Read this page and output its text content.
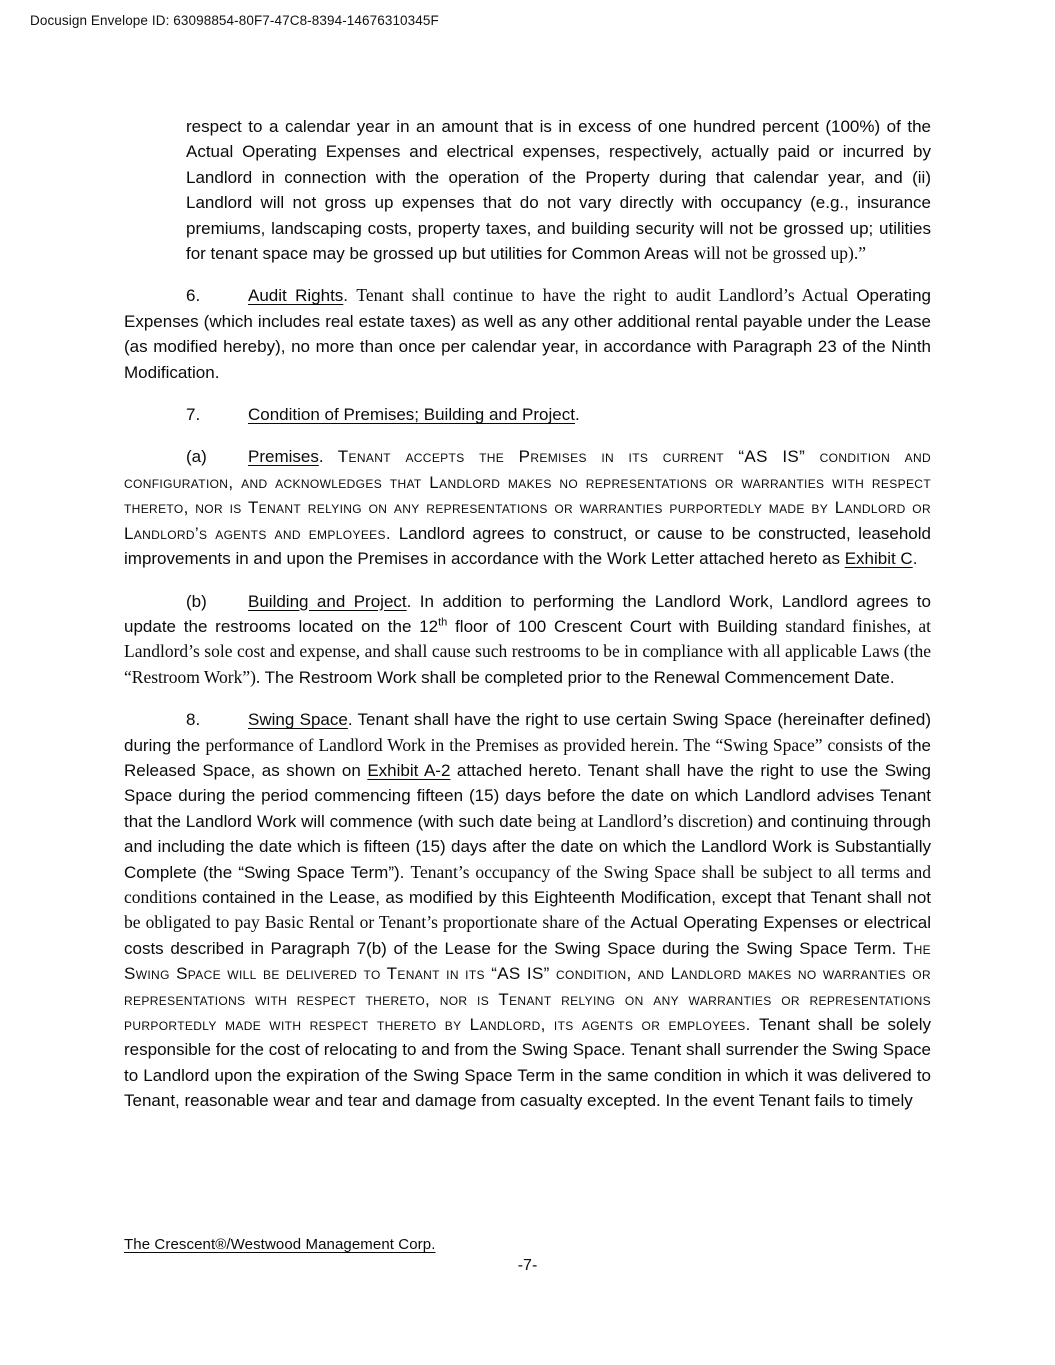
Docusign Envelope ID: 63098854-80F7-47C8-8394-14676310345F

respect to a calendar year in an amount that is in excess of one hundred percent (100%) of the Actual Operating Expenses and electrical expenses, respectively, actually paid or incurred by Landlord in connection with the operation of the Property during that calendar year, and (ii) Landlord will not gross up expenses that do not vary directly with occupancy (e.g., insurance premiums, landscaping costs, property taxes, and building security will not be grossed up; utilities for tenant space may be grossed up but utilities for Common Areas will not be grossed up).”

6.	Audit Rights. Tenant shall continue to have the right to audit Landlord’s Actual Operating Expenses (which includes real estate taxes) as well as any other additional rental payable under the Lease (as modified hereby), no more than once per calendar year, in accordance with Paragraph 23 of the Ninth Modification.

7.	Condition of Premises; Building and Project.

(a) Premises. Tenant accepts the Premises in its current “AS IS” condition and configuration, and acknowledges that Landlord makes no representations or warranties with respect thereto, nor is Tenant relying on any representations or warranties purportedly made by Landlord or Landlord’s agents and employees. Landlord agrees to construct, or cause to be constructed, leasehold improvements in and upon the Premises in accordance with the Work Letter attached hereto as Exhibit C.

(b) Building and Project. In addition to performing the Landlord Work, Landlord agrees to update the restrooms located on the 12th floor of 100 Crescent Court with Building standard finishes, at Landlord’s sole cost and expense, and shall cause such restrooms to be in compliance with all applicable Laws (the “Restroom Work”). The Restroom Work shall be completed prior to the Renewal Commencement Date.

8.	Swing Space. Tenant shall have the right to use certain Swing Space (hereinafter defined) during the performance of Landlord Work in the Premises as provided herein. The “Swing Space” consists of the Released Space, as shown on Exhibit A-2 attached hereto. Tenant shall have the right to use the Swing Space during the period commencing fifteen (15) days before the date on which Landlord advises Tenant that the Landlord Work will commence (with such date being at Landlord’s discretion) and continuing through and including the date which is fifteen (15) days after the date on which the Landlord Work is Substantially Complete (the “Swing Space Term”). Tenant’s occupancy of the Swing Space shall be subject to all terms and conditions contained in the Lease, as modified by this Eighteenth Modification, except that Tenant shall not be obligated to pay Basic Rental or Tenant’s proportionate share of the Actual Operating Expenses or electrical costs described in Paragraph 7(b) of the Lease for the Swing Space during the Swing Space Term. The Swing Space will be delivered to Tenant in its “AS IS” condition, and Landlord makes no warranties or representations with respect thereto, nor is Tenant relying on any warranties or representations purportedly made with respect thereto by Landlord, its agents or employees. Tenant shall be solely responsible for the cost of relocating to and from the Swing Space. Tenant shall surrender the Swing Space to Landlord upon the expiration of the Swing Space Term in the same condition in which it was delivered to Tenant, reasonable wear and tear and damage from casualty excepted. In the event Tenant fails to timely

The Crescent®/Westwood Management Corp.
-7-
